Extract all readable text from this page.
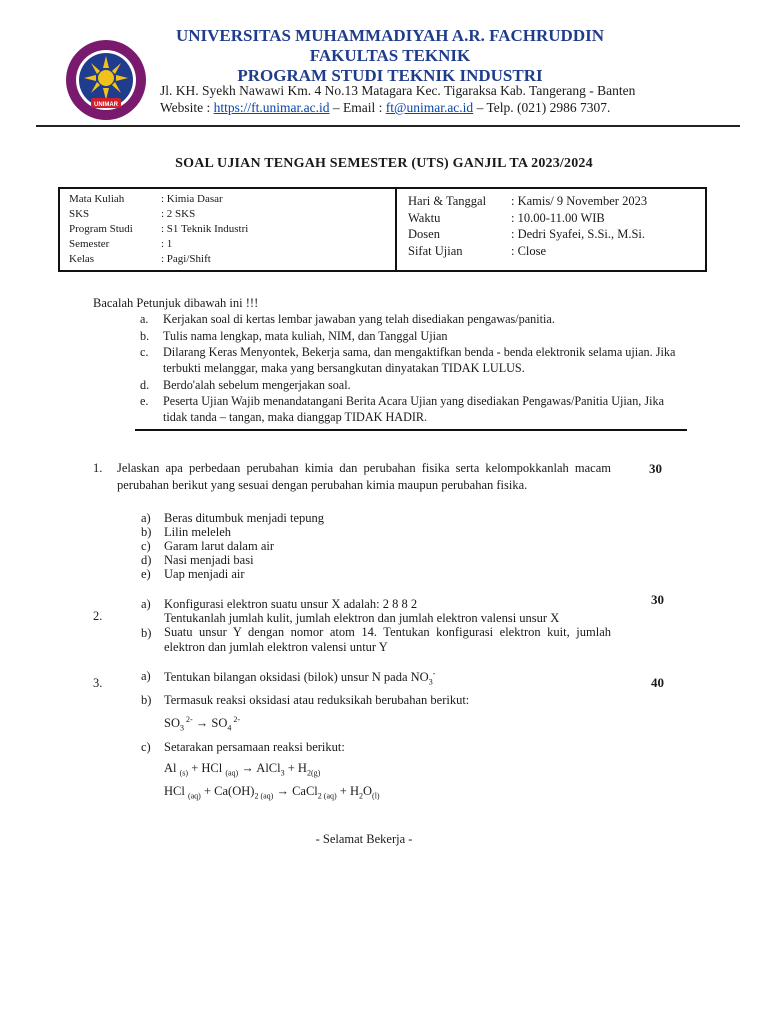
UNIMAR
UNIVERSITAS MUHAMMADIYAH A.R. FACHRUDDIN
FAKULTAS TEKNIK
PROGRAM STUDI TEKNIK INDUSTRI
Jl. KH. Syekh Nawawi Km. 4 No.13 Matagara Kec. Tigaraksa Kab. Tangerang - Banten
Website : https://ft.unimar.ac.id – Email : ft@unimar.ac.id – Telp. (021) 2986 7307.
SOAL UJIAN TENGAH SEMESTER (UTS) GANJIL TA 2023/2024
Mata Kuliah	: Kimia Dasar
SKS	: 2 SKS
Program Studi	: S1 Teknik Industri
Semester	: 1
Kelas	: Pagi/Shift
Hari & Tanggal : Kamis/ 9 November 2023
Waktu	: 10.00-11.00 WIB
Dosen	: Dedri Syafei, S.Si., M.Si.
Sifat Ujian	: Close
Bacalah Petunjuk dibawah ini !!!
a. Kerjakan soal di kertas lembar jawaban yang telah disediakan pengawas/panitia.
b. Tulis nama lengkap, mata kuliah, NIM, dan Tanggal Ujian
c. Dilarang Keras Menyontek, Bekerja sama, dan mengaktifkan benda - benda elektronik selama ujian. Jika terbukti melanggar, maka yang bersangkutan dinyatakan TIDAK LULUS.
d. Berdo'alah sebelum mengerjakan soal.
e. Peserta Ujian Wajib menandatangani Berita Acara Ujian yang disediakan Pengawas/Panitia Ujian, Jika tidak tanda – tangan, maka dianggap TIDAK HADIR.
1. Jelaskan apa perbedaan perubahan kimia dan perubahan fisika serta kelompokkanlah macam perubahan berikut yang sesuai dengan perubahan kimia maupun perubahan fisika.
30
a) Beras ditumbuk menjadi tepung
b) Lilin meleleh
c) Garam larut dalam air
d) Nasi menjadi basi
e) Uap menjadi air
2.
30
a) Konfigurasi elektron suatu unsur X adalah: 2 8 8 2
Tentukanlah jumlah kulit, jumlah elektron dan jumlah elektron valensi unsur X
b) Suatu unsur Y dengan nomor atom 14. Tentukan konfigurasi elektron kuit, jumlah elektron dan jumlah elektron valensi untur Y
3.	40
a) Tentukan bilangan oksidasi (bilok) unsur N pada $NO_3^-$
b) Termasuk reaksi oksidasi atau reduksikah berubahan berikut:
$SO_3$ $^{2-} \to SO_4$ $^{2-}$
c) Setarakan persamaan reaksi berikut:
Al $_{(s)}$ + HCl $_{(aq)}$ → AlCl$_3$ + $H_{2(g)}$
HCl $_{(aq)} + Ca(OH)_{2 (aq)}$ → CaCl$_{2 (aq)}$ + $H_2O_{(l)}$
- Selamat Bekerja -
